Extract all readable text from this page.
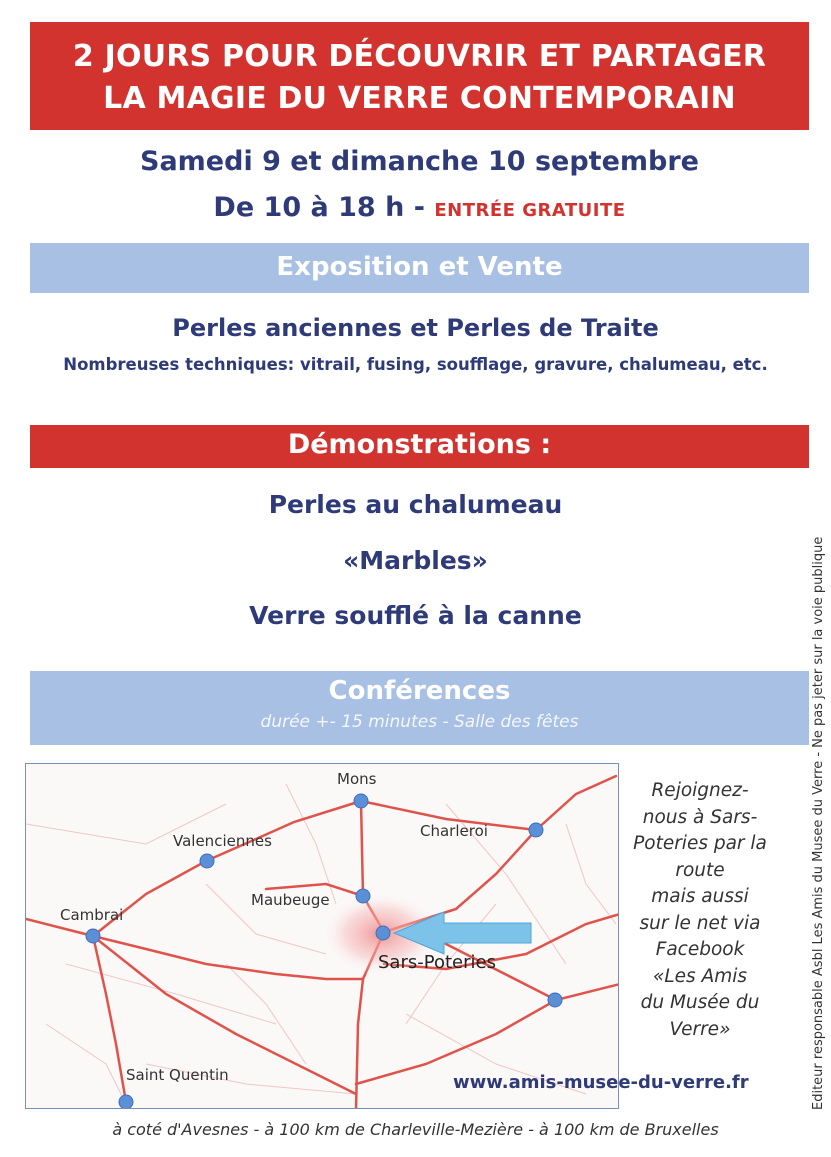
2 JOURS POUR DÉCOUVRIR ET PARTAGER
LA MAGIE DU VERRE CONTEMPORAIN
Samedi 9 et dimanche 10 septembre
De 10 à 18 h - ENTRÉE GRATUITE
Exposition et Vente
Perles anciennes et Perles de Traite
Nombreuses techniques: vitrail, fusing, soufflage, gravure, chalumeau, etc.
Démonstrations :
Perles au chalumeau
«Marbles»
Verre soufflé à la canne
Conférences
durée +- 15 minutes - Salle des fêtes
Mons
Valenciennes
Charleroi
Maubeuge
Cambrai
Sars-Poteries
Saint Quentin
Rejoignez-
nous à Sars-
Poteries par la
route
mais aussi
sur le net via
Facebook
«Les Amis
du Musée du
Verre»
www.amis-musee-du-verre.fr
à coté d'Avesnes - à 100 km de Charleville-Mezière - à 100 km de Bruxelles
Editeur responsable Asbl Les Amis du Musee du Verre - Ne pas jeter sur la voie publique
